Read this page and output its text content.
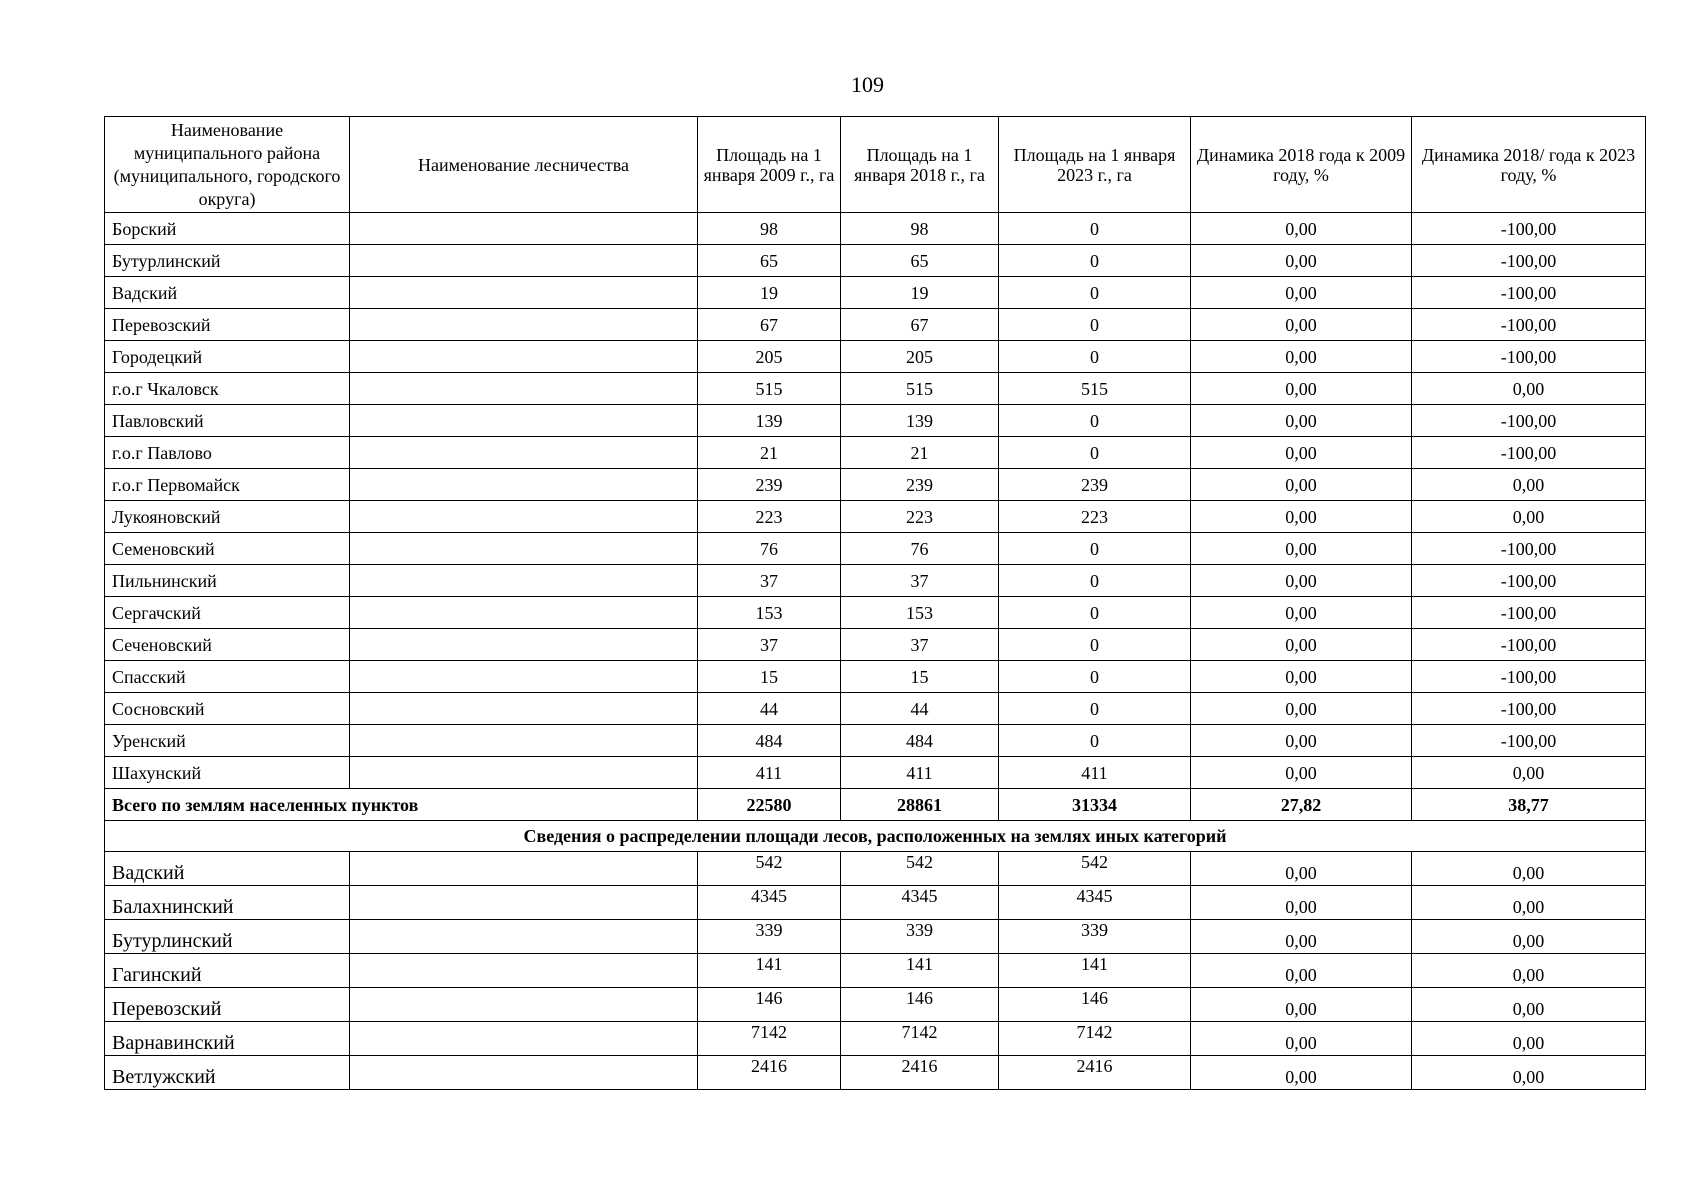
109
Наименование муниципального района (муниципального, городского округа)	Наименование лесничества	Площадь на 1 января 2009 г., га	Площадь на 1 января 2018 г., га	Площадь на 1 января 2023 г., га	Динамика 2018 года к 2009 году, %	Динамика 2018/ года к 2023 году, %
Борский		98	98	0	0,00	-100,00
Бутурлинский		65	65	0	0,00	-100,00
Вадский		19	19	0	0,00	-100,00
Перевозский		67	67	0	0,00	-100,00
Городецкий		205	205	0	0,00	-100,00
г.о.г Чкаловск		515	515	515	0,00	0,00
Павловский		139	139	0	0,00	-100,00
г.о.г Павлово		21	21	0	0,00	-100,00
г.о.г Первомайск		239	239	239	0,00	0,00
Лукояновский		223	223	223	0,00	0,00
Семеновский		76	76	0	0,00	-100,00
Пильнинский		37	37	0	0,00	-100,00
Сергачский		153	153	0	0,00	-100,00
Сеченовский		37	37	0	0,00	-100,00
Спасский		15	15	0	0,00	-100,00
Сосновский		44	44	0	0,00	-100,00
Уренский		484	484	0	0,00	-100,00
Шахунский		411	411	411	0,00	0,00
Всего по землям населенных пунктов		22580	28861	31334	27,82	38,77
Сведения о распределении площади лесов, расположенных на землях иных категорий						
Вадский		542	542	542	0,00	0,00
Балахнинский		4345	4345	4345	0,00	0,00
Бутурлинский		339	339	339	0,00	0,00
Гагинский		141	141	141	0,00	0,00
Перевозский		146	146	146	0,00	0,00
Варнавинский		7142	7142	7142	0,00	0,00
Ветлужский		2416	2416	2416	0,00	0,00
